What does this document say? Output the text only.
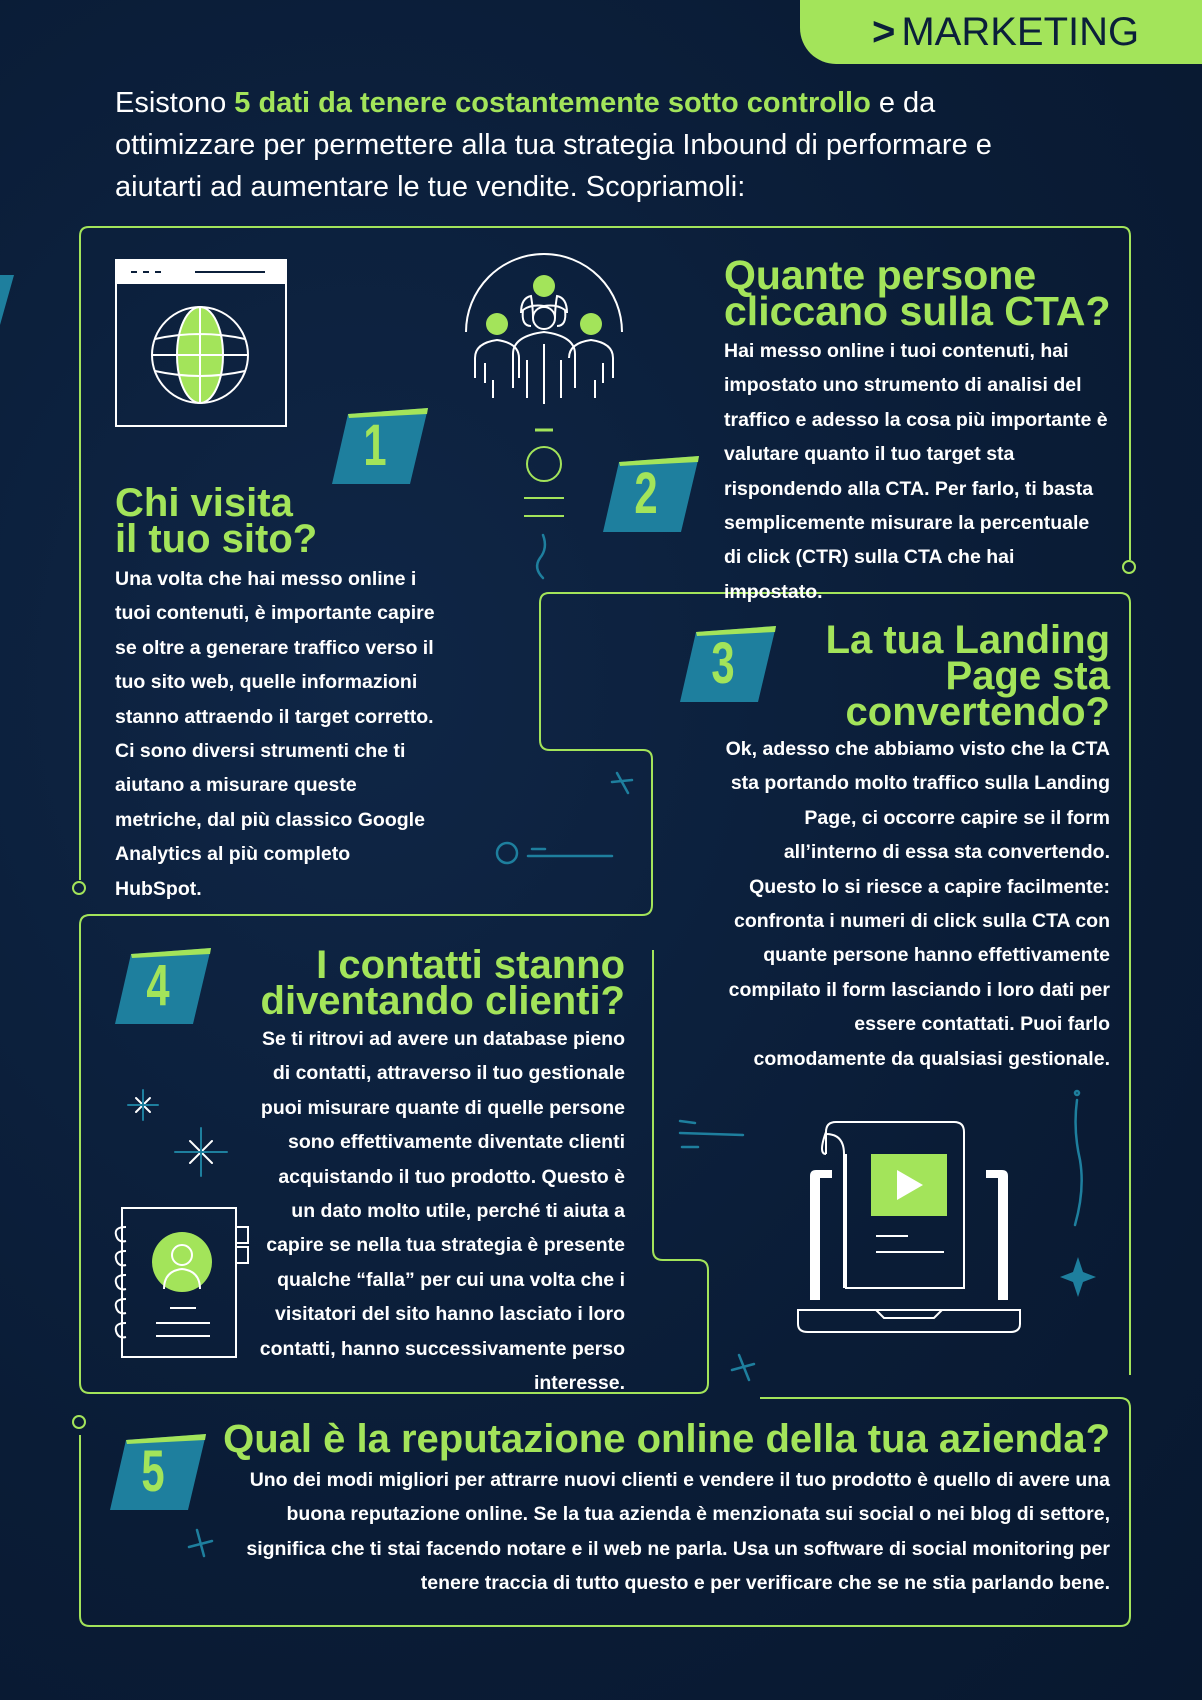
> MARKETING

Esistono 5 dati da tenere costantemente sotto controllo e da ottimizzare per permettere alla tua strategia Inbound di performare e aiutarti ad aumentare le tue vendite. Scopriamoli:

1
2
3
4
5
Chi visita
il tuo sito?

Una volta che hai messo online i tuoi contenuti, è importante capire se oltre a generare traffico verso il tuo sito web, quelle informazioni stanno attraendo il target corretto. Ci sono diversi strumenti che ti aiutano a misurare queste metriche, dal più classico Google Analytics al più completo HubSpot.

Quante persone
cliccano sulla CTA?

Hai messo online i tuoi contenuti, hai impostato uno strumento di analisi del traffico e adesso la cosa più importante è valutare quanto il tuo target sta rispondendo alla CTA. Per farlo, ti basta semplicemente misurare la percentuale di click (CTR) sulla CTA che hai impostato.

La tua Landing
Page sta
convertendo?

Ok, adesso che abbiamo visto che la CTA sta portando molto traffico sulla Landing Page, ci occorre capire se il form all’interno di essa sta convertendo. Questo lo si riesce a capire facilmente: confronta i numeri di click sulla CTA con quante persone hanno effettivamente compilato il form lasciando i loro dati per essere contattati. Puoi farlo comodamente da qualsiasi gestionale.

I contatti stanno
diventando clienti?

Se ti ritrovi ad avere un database pieno di contatti, attraverso il tuo gestionale puoi misurare quante di quelle persone sono effettivamente diventate clienti acquistando il tuo prodotto. Questo è un dato molto utile, perché ti aiuta a capire se nella tua strategia è presente qualche “falla” per cui una volta che i visitatori del sito hanno lasciato i loro contatti, hanno successivamente perso interesse.

Qual è la reputazione online della tua azienda?

Uno dei modi migliori per attrarre nuovi clienti e vendere il tuo prodotto è quello di avere una buona reputazione online. Se la tua azienda è menzionata sui social o nei blog di settore, significa che ti stai facendo notare e il web ne parla. Usa un software di social monitoring per tenere traccia di tutto questo e per verificare che se ne stia parlando bene.
